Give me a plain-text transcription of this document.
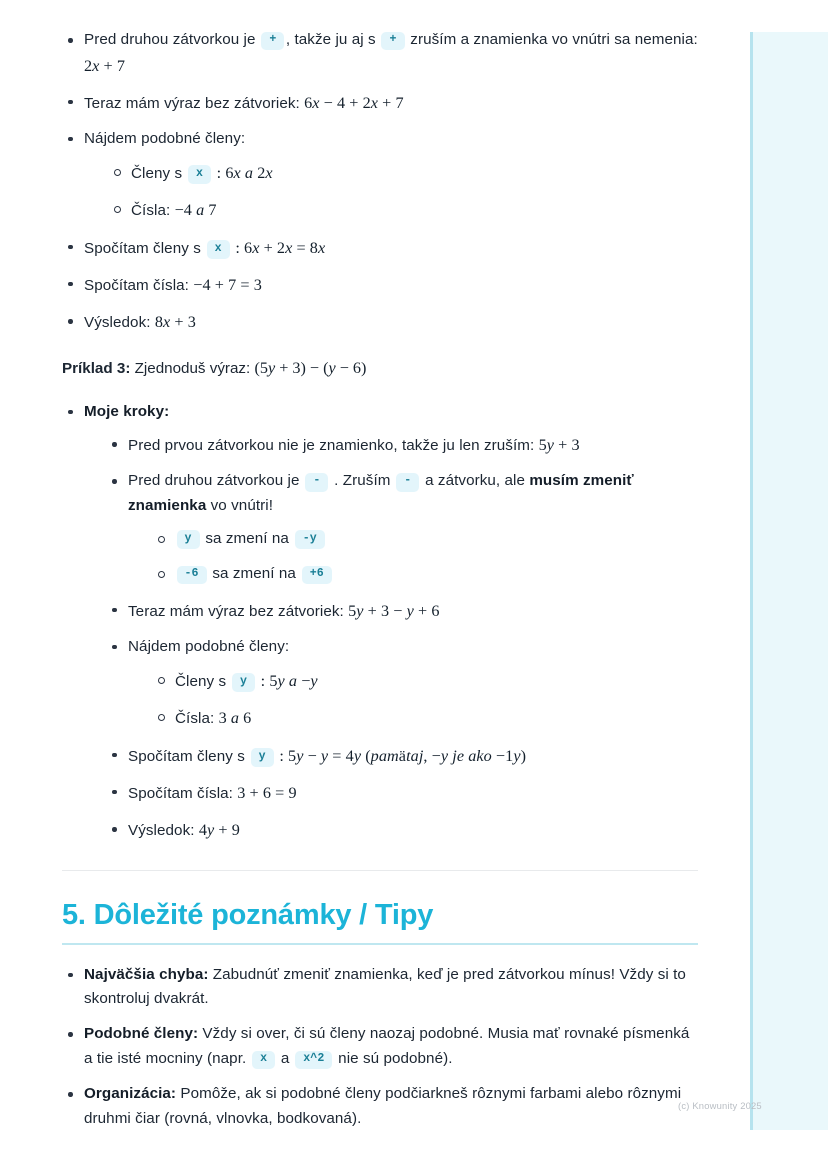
Pred druhou zátvorkou je + , takže ju aj s + zruším a znamienka vo vnútri sa nemenia: 2x + 7
Teraz mám výraz bez zátvoriek: 6x − 4 + 2x + 7
Nájdem podobné členy:
Členy s x : 6x a 2x
Čísla: −4 a 7
Spočítam členy s x : 6x + 2x = 8x
Spočítam čísla: −4 + 7 = 3
Výsledok: 8x + 3

Príklad 3: Zjednoduš výraz: (5y + 3) − (y − 6)

Moje kroky:
Pred prvou zátvorkou nie je znamienko, takže ju len zruším: 5y + 3
Pred druhou zátvorkou je - . Zruším - a zátvorku, ale musím zmeniť znamienka vo vnútri!
y sa zmení na -y
-6 sa zmení na +6
Teraz mám výraz bez zátvoriek: 5y + 3 − y + 6
Nájdem podobné členy:
Členy s y : 5y a −y
Čísla: 3 a 6
Spočítam členy s y : 5y − y = 4y (pamätaj, −y je ako −1y)
Spočítam čísla: 3 + 6 = 9
Výsledok: 4y + 9
5. Dôležité poznámky / Tipy
Najväčšia chyba: Zabudnúť zmeniť znamienka, keď je pred zátvorkou mínus! Vždy si to skontroluj dvakrát.
Podobné členy: Vždy si over, či sú členy naozaj podobné. Musia mať rovnaké písmenká a tie isté mocniny (napr. x a x^2 nie sú podobné).
Organizácia: Pomôže, ak si podobné členy podčiarkneš rôznymi farbami alebo rôznymi druhmi čiar (rovná, vlnovka, bodkovaná).
(c) Knowunity 2025
